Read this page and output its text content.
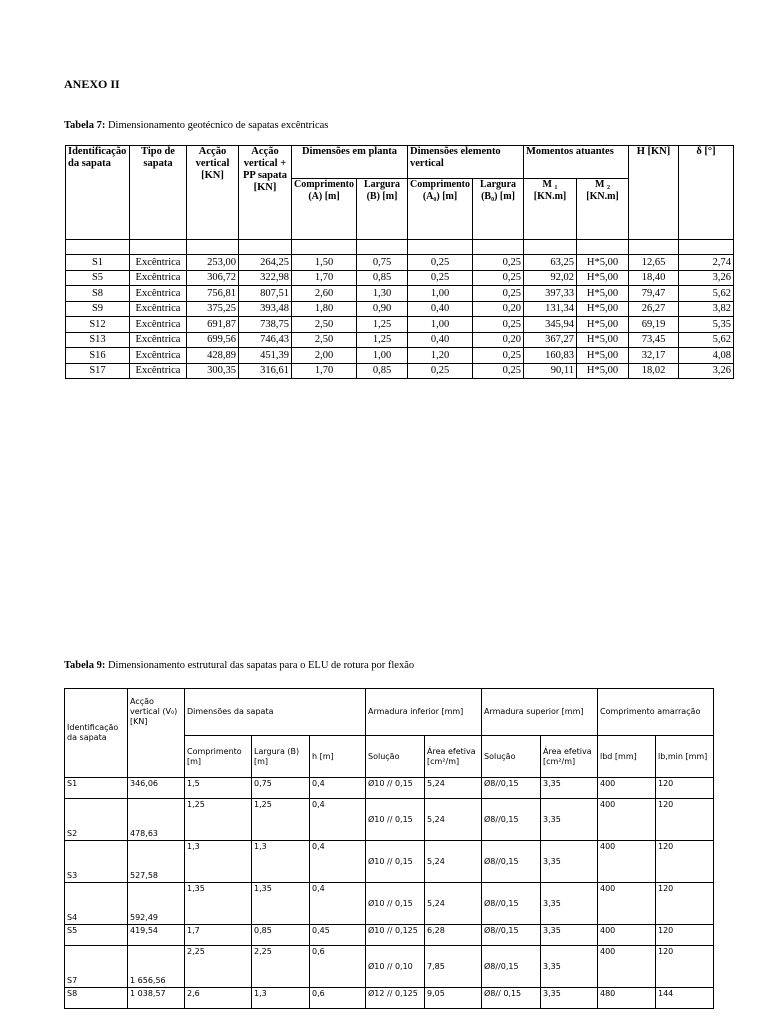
ANEXO II
Tabela 7: Dimensionamento geotécnico de sapatas excêntricas
Identificação da sapata	Tipo de sapata	Acção vertical [KN]	Acção vertical + PP sapata [KN]	Dimensões em planta		Dimensões elemento vertical		Momentos atuantes		H [KN]	δ [°]
				Comprimento (A) [m]	Largura (B) [m]	Comprimento (A₀) [m]	Largura (B₀) [m]	M ₁ [KN.m]	M ₂ [KN.m]		

S1	Excêntrica	253,00	264,25	1,50	0,75	0,25	0,25	63,25	H*5,00	12,65	2,74
S5	Excêntrica	306,72	322,98	1,70	0,85	0,25	0,25	92,02	H*5,00	18,40	3,26
S8	Excêntrica	756,81	807,51	2,60	1,30	1,00	0,25	397,33	H*5,00	79,47	5,62
S9	Excêntrica	375,25	393,48	1,80	0,90	0,40	0,20	131,34	H*5,00	26,27	3,82
S12	Excêntrica	691,87	738,75	2,50	1,25	1,00	0,25	345,94	H*5,00	69,19	5,35
S13	Excêntrica	699,56	746,43	2,50	1,25	0,40	0,20	367,27	H*5,00	73,45	5,62
S16	Excêntrica	428,89	451,39	2,00	1,00	1,20	0,25	160,83	H*5,00	32,17	4,08
S17	Excêntrica	300,35	316,61	1,70	0,85	0,25	0,25	90,11	H*5,00	18,02	3,26
Tabela 9: Dimensionamento estrutural das sapatas para o ELU de rotura por flexão
Identificação da sapata	Acção vertical (V₀) [KN]	Dimensões da sapata			Armadura inferior [mm]		Armadura superior [mm]		Comprimento amarração	
		Comprimento [m]	Largura (B) [m]	h [m]	Solução	Área efetiva [cm²/m]	Solução	Área efetiva [cm²/m]	lbd [mm]	lb,min [mm]
S1	346,06	1,5	0,75	0,4	Ø10 // 0,15	5,24	Ø8//0,15	3,35	400	120
S2	478,63	1,25	1,25	0,4	Ø10 // 0,15	5,24	Ø8//0,15	3,35	400	120
S3	527,58	1,3	1,3	0,4	Ø10 // 0,15	5,24	Ø8//0,15	3,35	400	120
S4	592,49	1,35	1,35	0,4	Ø10 // 0,15	5,24	Ø8//0,15	3,35	400	120
S5	419,54	1,7	0,85	0,45	Ø10 // 0,125	6,28	Ø8//0,15	3,35	400	120
S7	1 656,56	2,25	2,25	0,6	Ø10 // 0,10	7,85	Ø8//0,15	3,35	400	120
S8	1 038,57	2,6	1,3	0,6	Ø12 // 0,125	9,05	Ø8// 0,15	3,35	480	144
